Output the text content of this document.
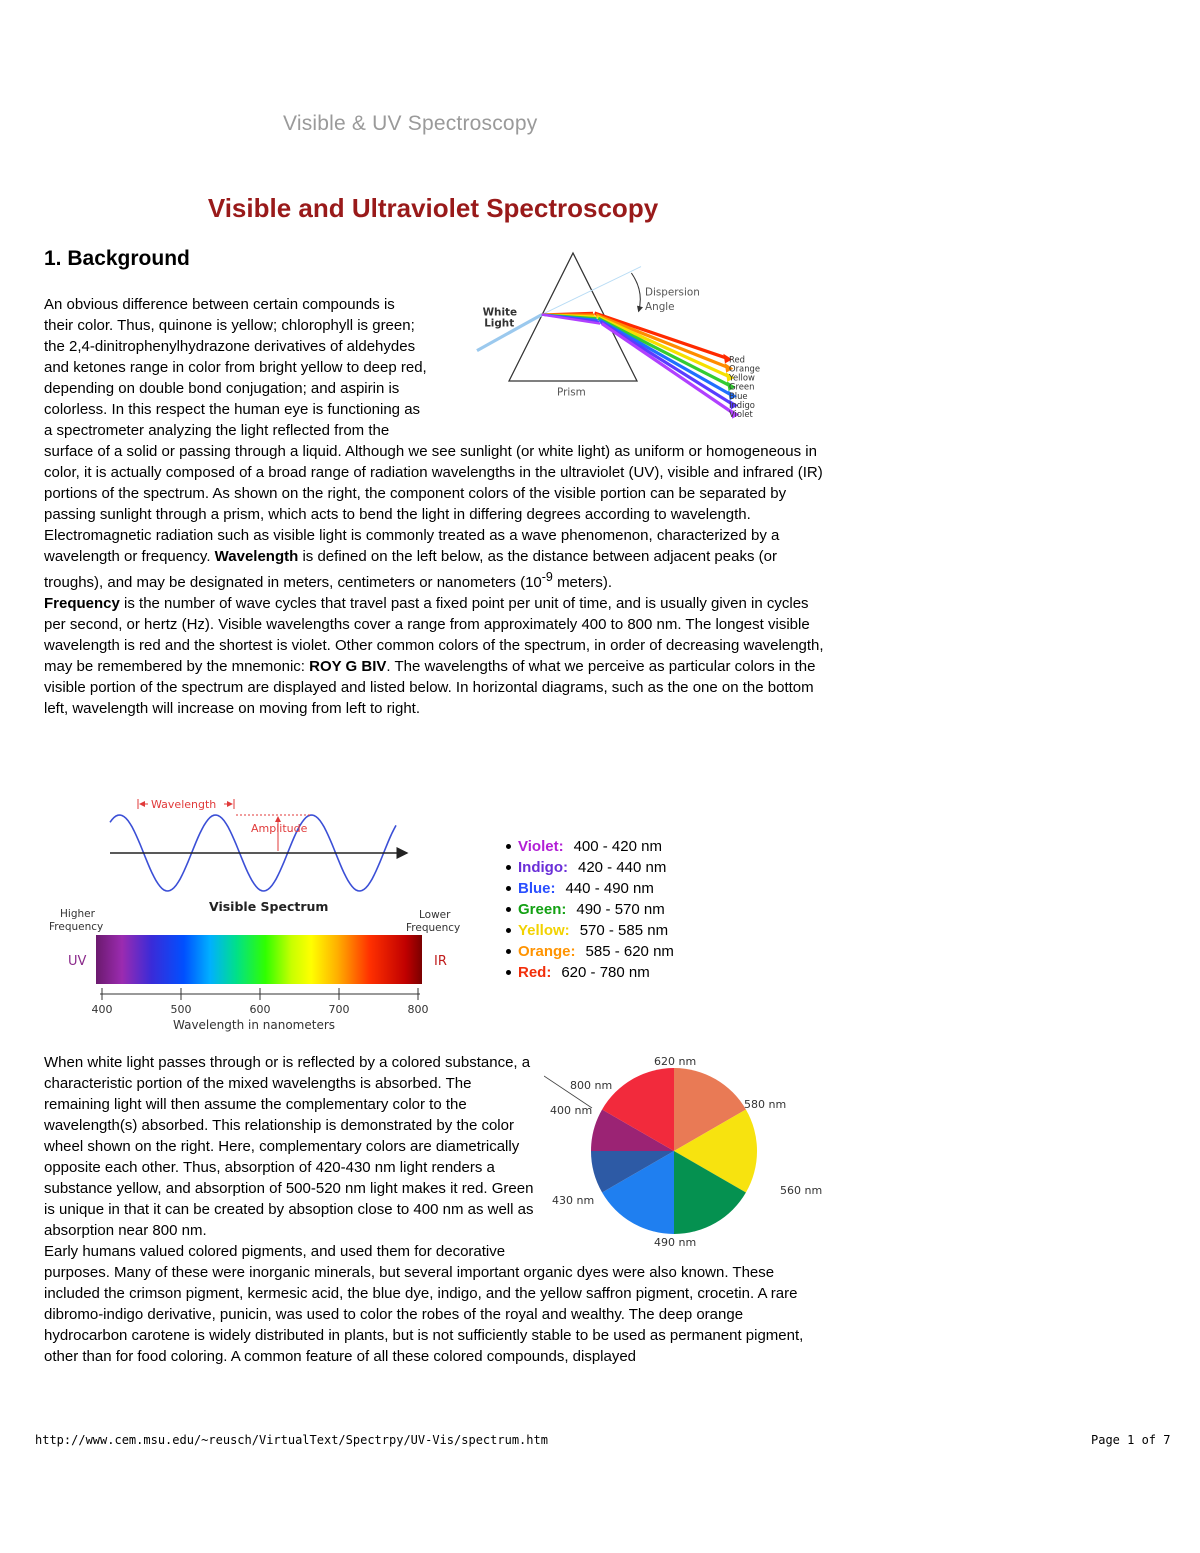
Visible & UV Spectroscopy
Visible and Ultraviolet Spectroscopy
1. Background
White
Light
Dispersion
Angle
Prism
Red
Orange
Yellow
Green
Blue
Indigo
Violet
An obvious difference between certain compounds is their color. Thus, quinone is yellow; chlorophyll is green; the 2,4-dinitrophenylhydrazone derivatives of aldehydes and ketones range in color from bright yellow to deep red, depending on double bond conjugation; and aspirin is colorless. In this respect the human eye is functioning as a spectrometer analyzing the light reflected from the surface of a solid or passing through a liquid. Although we see sunlight (or white light) as uniform or homogeneous in color, it is actually composed of a broad range of radiation wavelengths in the ultraviolet (UV), visible and infrared (IR) portions of the spectrum. As shown on the right, the component colors of the visible portion can be separated by passing sunlight through a prism, which acts to bend the light in differing degrees according to wavelength. Electromagnetic radiation such as visible light is commonly treated as a wave phenomenon, characterized by a wavelength or frequency. Wavelength is defined on the left below, as the distance between adjacent peaks (or troughs), and may be designated in meters, centimeters or nanometers ($10^{-9}$ meters).
Frequency is the number of wave cycles that travel past a fixed point per unit of time, and is usually given in cycles per second, or hertz (Hz). Visible wavelengths cover a range from approximately 400 to 800 nm. The longest visible wavelength is red and the shortest is violet. Other common colors of the spectrum, in order of decreasing wavelength, may be remembered by the mnemonic: ROY G BIV. The wavelengths of what we perceive as particular colors in the visible portion of the spectrum are displayed and listed below. In horizontal diagrams, such as the one on the bottom left, wavelength will increase on moving from left to right.
Wavelength
Amplitude
Visible Spectrum
Higher
Frequency
Lower
Frequency
UV	IR
400	500	600	700	800
Wavelength in nanometers
Violet: 400 - 420 nm
Indigo: 420 - 440 nm
Blue: 440 - 490 nm
Green: 490 - 570 nm
Yellow: 570 - 585 nm
Orange: 585 - 620 nm
Red: 620 - 780 nm
620 nm
580 nm
560 nm
490 nm
430 nm
400 nm
800 nm
When white light passes through or is reflected by a colored substance, a characteristic portion of the mixed wavelengths is absorbed. The remaining light will then assume the complementary color to the wavelength(s) absorbed. This relationship is demonstrated by the color wheel shown on the right. Here, complementary colors are diametrically opposite each other. Thus, absorption of 420-430 nm light renders a substance yellow, and absorption of 500-520 nm light makes it red. Green is unique in that it can be created by absoption close to 400 nm as well as absorption near 800 nm.
Early humans valued colored pigments, and used them for decorative purposes. Many of these were inorganic minerals, but several important organic dyes were also known. These included the crimson pigment, kermesic acid, the blue dye, indigo, and the yellow saffron pigment, crocetin. A rare dibromo-indigo derivative, punicin, was used to color the robes of the royal and wealthy. The deep orange hydrocarbon carotene is widely distributed in plants, but is not sufficiently stable to be used as permanent pigment, other than for food coloring. A common feature of all these colored compounds, displayed
http://www.cem.msu.edu/~reusch/VirtualText/Spectrpy/UV-Vis/spectrum.htm	Page 1 of 7
